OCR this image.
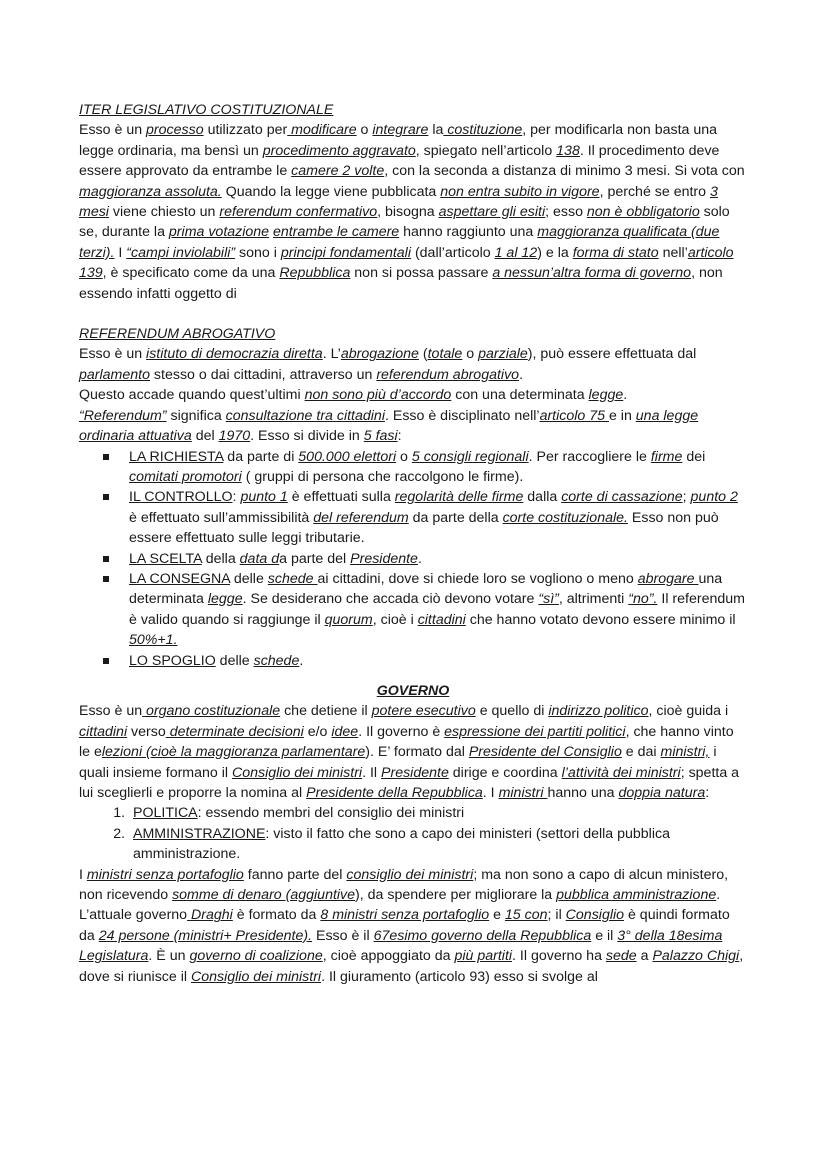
ITER LEGISLATIVO COSTITUZIONALE

Esso è un processo utilizzato per modificare o integrare la costituzione, per modificarla non basta una legge ordinaria, ma bensì un procedimento aggravato, spiegato nell’articolo 138. Il procedimento deve essere approvato da entrambe le camere 2 volte, con la seconda a distanza di minimo 3 mesi. Si vota con maggioranza assoluta. Quando la legge viene pubblicata non entra subito in vigore, perché se entro 3 mesi viene chiesto un referendum confermativo, bisogna aspettare gli esiti; esso non è obbligatorio solo se, durante la prima votazione entrambe le camere hanno raggiunto una maggioranza qualificata (due terzi). I “campi inviolabili” sono i principi fondamentali (dall’articolo 1 al 12) e la forma di stato nell’articolo 139, è specificato come da una Repubblica non si possa passare a nessun’altra forma di governo, non essendo infatti oggetto di

REFERENDUM ABROGATIVO

Esso è un istituto di democrazia diretta. L’abrogazione (totale o parziale), può essere effettuata dal parlamento stesso o dai cittadini, attraverso un referendum abrogativo.

Questo accade quando quest’ultimi non sono più d’accordo con una determinata legge.

“Referendum” significa consultazione tra cittadini. Esso è disciplinato nell’articolo 75 e in una legge ordinaria attuativa del 1970. Esso si divide in 5 fasi:

LA RICHIESTA da parte di 500.000 elettori o 5 consigli regionali. Per raccogliere le firme dei comitati promotori ( gruppi di persona che raccolgono le firme).
IL CONTROLLO: punto 1 è effettuati sulla regolarità delle firme dalla corte di cassazione; punto 2 è effettuato sull’ammissibilità del referendum da parte della corte costituzionale. Esso non può essere effettuato sulle leggi tributarie.
LA SCELTA della data da parte del Presidente.
LA CONSEGNA delle schede ai cittadini, dove si chiede loro se vogliono o meno abrogare una determinata legge. Se desiderano che accada ciò devono votare “sì”, altrimenti “no”. Il referendum è valido quando si raggiunge il quorum, cioè i cittadini che hanno votato devono essere minimo il 50%+1.
LO SPOGLIO delle schede.

GOVERNO

Esso è un organo costituzionale che detiene il potere esecutivo e quello di indirizzo politico, cioè guida i cittadini verso determinate decisioni e/o idee. Il governo è espressione dei partiti politici, che hanno vinto le elezioni (cioè la maggioranza parlamentare). E’ formato dal Presidente del Consiglio e dai ministri, i quali insieme formano il Consiglio dei ministri. Il Presidente dirige e coordina l’attività dei ministri; spetta a lui sceglierli e proporre la nomina al Presidente della Repubblica. I ministri hanno una doppia natura:

1. POLITICA: essendo membri del consiglio dei ministri
2. AMMINISTRAZIONE: visto il fatto che sono a capo dei ministeri (settori della pubblica amministrazione.

I ministri senza portafoglio fanno parte del consiglio dei ministri; ma non sono a capo di alcun ministero, non ricevendo somme di denaro (aggiuntive), da spendere per migliorare la pubblica amministrazione.

L’attuale governo Draghi è formato da 8 ministri senza portafoglio e 15 con; il Consiglio è quindi formato da 24 persone (ministri+ Presidente). Esso è il 67esimo governo della Repubblica e il 3° della 18esima Legislatura. È un governo di coalizione, cioè appoggiato da più partiti. Il governo ha sede a Palazzo Chigi, dove si riunisce il Consiglio dei ministri. Il giuramento (articolo 93) esso si svolge al
